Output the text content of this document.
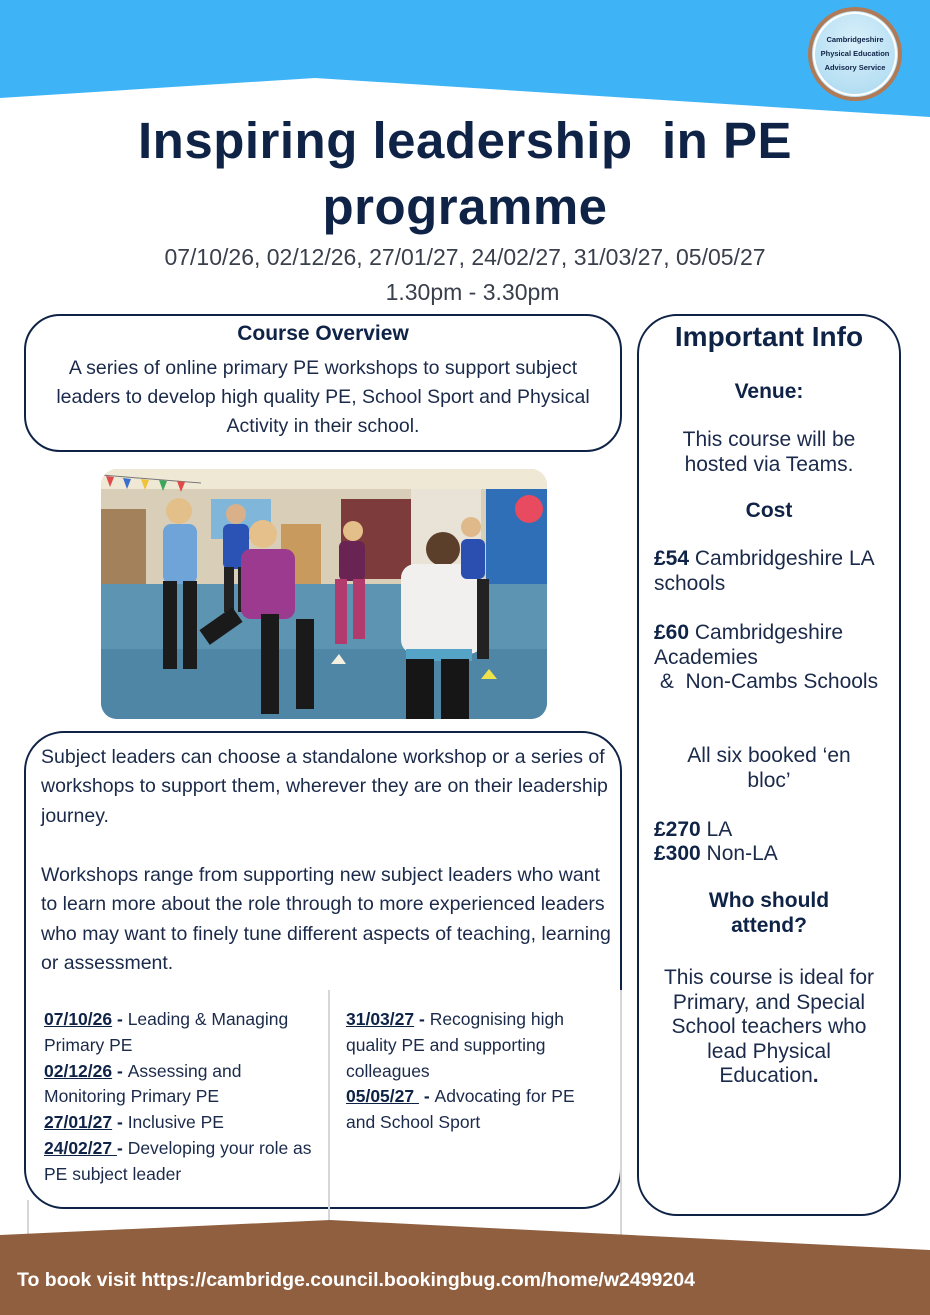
Cambridgeshire
Physical Education
Advisory Service
Inspiring leadership  in PE
programme
07/10/26, 02/12/26, 27/01/27, 24/02/27, 31/03/27, 05/05/27
1.30pm - 3.30pm
Course Overview
A series of online primary PE workshops to support subject leaders to develop high quality PE, School Sport and Physical Activity in their school.
Subject leaders can choose a standalone workshop or a series of workshops to support them, wherever they are on their leadership journey.
Workshops range from supporting new subject leaders who want to learn more about the role through to more experienced leaders who may want to finely tune different aspects of teaching, learning or assessment.
07/10/26 - Leading & Managing Primary PE
02/12/26 - Assessing and Monitoring Primary PE
27/01/27 - Inclusive PE
24/02/27 - Developing your role as PE subject leader
31/03/27 - Recognising high quality PE and supporting colleagues
05/05/27  - Advocating for PE and School Sport
Important Info
Venue:
This course will be hosted via Teams.
Cost
£54 Cambridgeshire LA schools
£60 Cambridgeshire Academies
&  Non-Cambs Schools
All six booked ‘en bloc’
£270 LA
£300 Non-LA
Who should attend?
This course is ideal for Primary, and Special School teachers who lead Physical Education.
To book visit https://cambridge.council.bookingbug.com/home/w2499204
